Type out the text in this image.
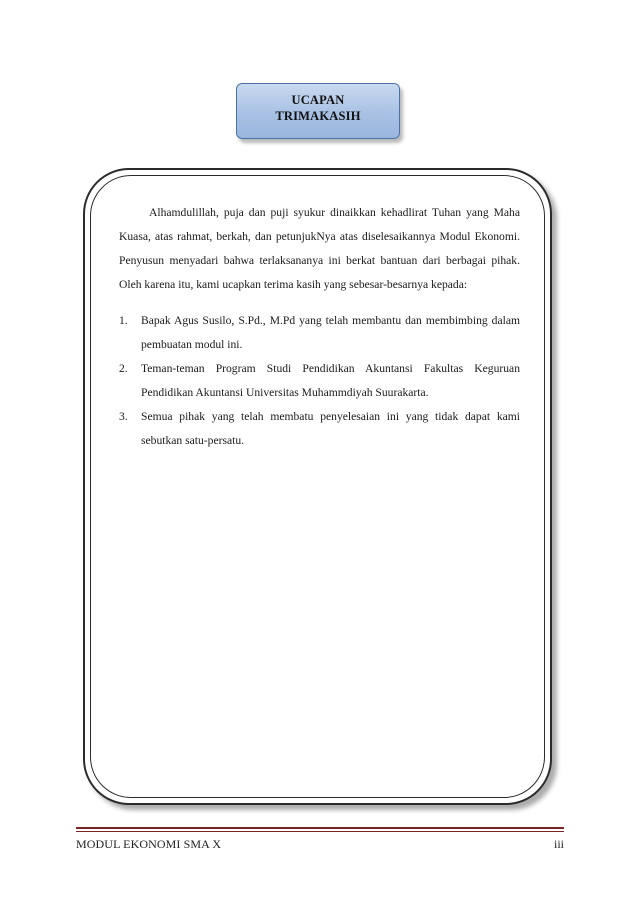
UCAPAN
TRIMAKASIH

Alhamdulillah, puja dan puji syukur dinaikkan kehadlirat Tuhan yang Maha Kuasa, atas rahmat, berkah, dan petunjukNya atas diselesaikannya Modul Ekonomi. Penyusun menyadari bahwa terlaksananya ini berkat bantuan dari berbagai pihak. Oleh karena itu, kami ucapkan terima kasih yang sebesar-besarnya kepada:

1. Bapak Agus Susilo, S.Pd., M.Pd yang telah membantu dan membimbing dalam pembuatan modul ini.
2. Teman-teman Program Studi Pendidikan Akuntansi Fakultas Keguruan Pendidikan Akuntansi Universitas Muhammdiyah Suurakarta.
3. Semua pihak yang telah membatu penyelesaian ini yang tidak dapat kami sebutkan satu-persatu.
MODUL EKONOMI SMA X	iii
